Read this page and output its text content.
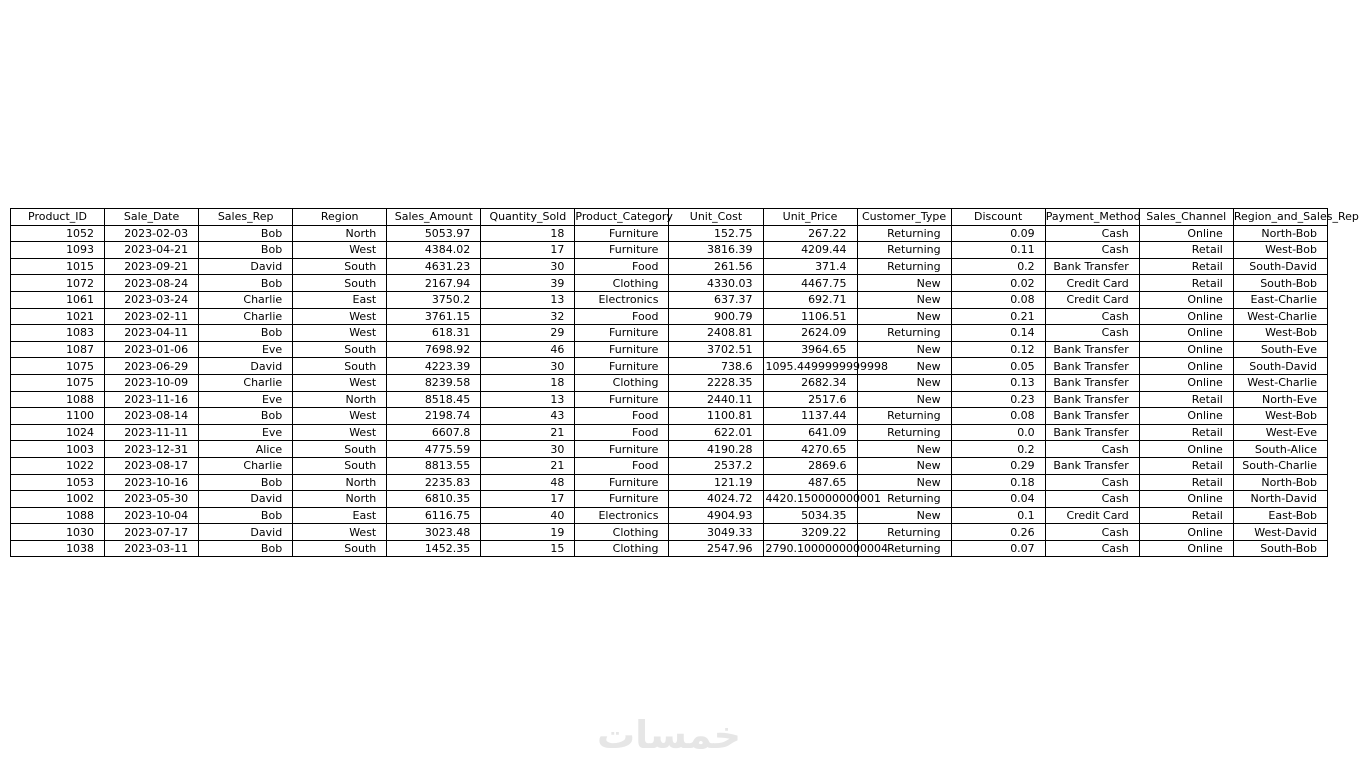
Product_ID	Sale_Date	Sales_Rep	Region	Sales_Amount	Quantity_Sold	Product_Category	Unit_Cost	Unit_Price	Customer_Type	Discount	Payment_Method	Sales_Channel	Region_and_Sales_Rep
1052	2023-02-03	Bob	North	5053.97	18	Furniture	152.75	267.22	Returning	0.09	Cash	Online	North-Bob
1093	2023-04-21	Bob	West	4384.02	17	Furniture	3816.39	4209.44	Returning	0.11	Cash	Retail	West-Bob
1015	2023-09-21	David	South	4631.23	30	Food	261.56	371.4	Returning	0.2	Bank Transfer	Retail	South-David
1072	2023-08-24	Bob	South	2167.94	39	Clothing	4330.03	4467.75	New	0.02	Credit Card	Retail	South-Bob
1061	2023-03-24	Charlie	East	3750.2	13	Electronics	637.37	692.71	New	0.08	Credit Card	Online	East-Charlie
1021	2023-02-11	Charlie	West	3761.15	32	Food	900.79	1106.51	New	0.21	Cash	Online	West-Charlie
1083	2023-04-11	Bob	West	618.31	29	Furniture	2408.81	2624.09	Returning	0.14	Cash	Online	West-Bob
1087	2023-01-06	Eve	South	7698.92	46	Furniture	3702.51	3964.65	New	0.12	Bank Transfer	Online	South-Eve
1075	2023-06-29	David	South	4223.39	30	Furniture	738.6	1095.4499999999998	New	0.05	Bank Transfer	Online	South-David
1075	2023-10-09	Charlie	West	8239.58	18	Clothing	2228.35	2682.34	New	0.13	Bank Transfer	Online	West-Charlie
1088	2023-11-16	Eve	North	8518.45	13	Furniture	2440.11	2517.6	New	0.23	Bank Transfer	Retail	North-Eve
1100	2023-08-14	Bob	West	2198.74	43	Food	1100.81	1137.44	Returning	0.08	Bank Transfer	Online	West-Bob
1024	2023-11-11	Eve	West	6607.8	21	Food	622.01	641.09	Returning	0.0	Bank Transfer	Retail	West-Eve
1003	2023-12-31	Alice	South	4775.59	30	Furniture	4190.28	4270.65	New	0.2	Cash	Online	South-Alice
1022	2023-08-17	Charlie	South	8813.55	21	Food	2537.2	2869.6	New	0.29	Bank Transfer	Retail	South-Charlie
1053	2023-10-16	Bob	North	2235.83	48	Furniture	121.19	487.65	New	0.18	Cash	Retail	North-Bob
1002	2023-05-30	David	North	6810.35	17	Furniture	4024.72	4420.150000000001	Returning	0.04	Cash	Online	North-David
1088	2023-10-04	Bob	East	6116.75	40	Electronics	4904.93	5034.35	New	0.1	Credit Card	Retail	East-Bob
1030	2023-07-17	David	West	3023.48	19	Clothing	3049.33	3209.22	Returning	0.26	Cash	Online	West-David
1038	2023-03-11	Bob	South	1452.35	15	Clothing	2547.96	2790.1000000000004	Returning	0.07	Cash	Online	South-Bob
خمسات
